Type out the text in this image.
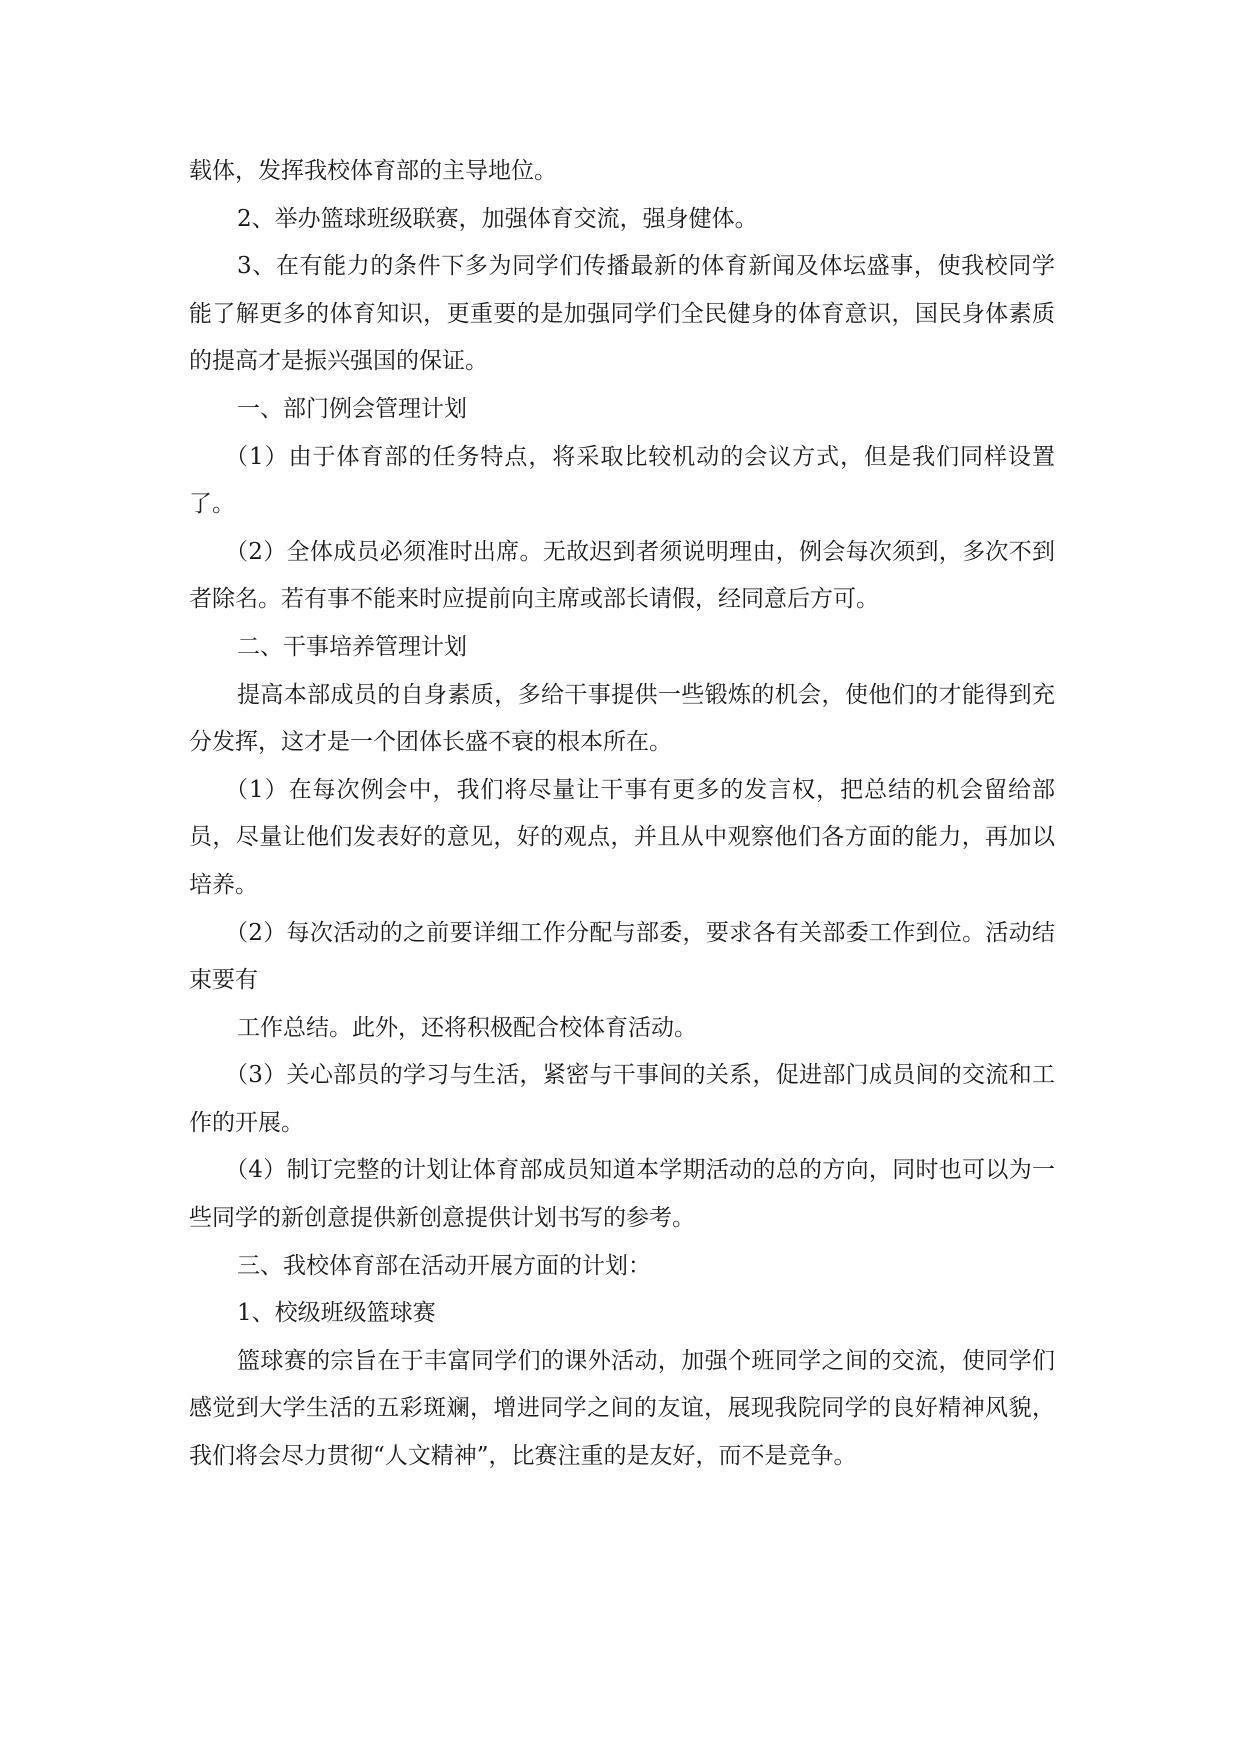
载体，发挥我校体育部的主导地位。

2、举办篮球班级联赛，加强体育交流，强身健体。

3、在有能力的条件下多为同学们传播最新的体育新闻及体坛盛事，使我校同学能了解更多的体育知识，更重要的是加强同学们全民健身的体育意识，国民身体素质的提高才是振兴强国的保证。

一、部门例会管理计划

（1）由于体育部的任务特点，将采取比较机动的会议方式，但是我们同样设置了。

（2）全体成员必须准时出席。无故迟到者须说明理由，例会每次须到，多次不到者除名。若有事不能来时应提前向主席或部长请假，经同意后方可。

二、干事培养管理计划

提高本部成员的自身素质，多给干事提供一些锻炼的机会，使他们的才能得到充分发挥，这才是一个团体长盛不衰的根本所在。

（1）在每次例会中，我们将尽量让干事有更多的发言权，把总结的机会留给部员，尽量让他们发表好的意见，好的观点，并且从中观察他们各方面的能力，再加以培养。

（2）每次活动的之前要详细工作分配与部委，要求各有关部委工作到位。活动结束要有

工作总结。此外，还将积极配合校体育活动。

（3）关心部员的学习与生活，紧密与干事间的关系，促进部门成员间的交流和工作的开展。

（4）制订完整的计划让体育部成员知道本学期活动的总的方向，同时也可以为一些同学的新创意提供新创意提供计划书写的参考。

三、我校体育部在活动开展方面的计划：

1、校级班级篮球赛

篮球赛的宗旨在于丰富同学们的课外活动，加强个班同学之间的交流，使同学们感觉到大学生活的五彩斑斓，增进同学之间的友谊，展现我院同学的良好精神风貌，我们将会尽力贯彻“人文精神”，比赛注重的是友好，而不是竞争。
